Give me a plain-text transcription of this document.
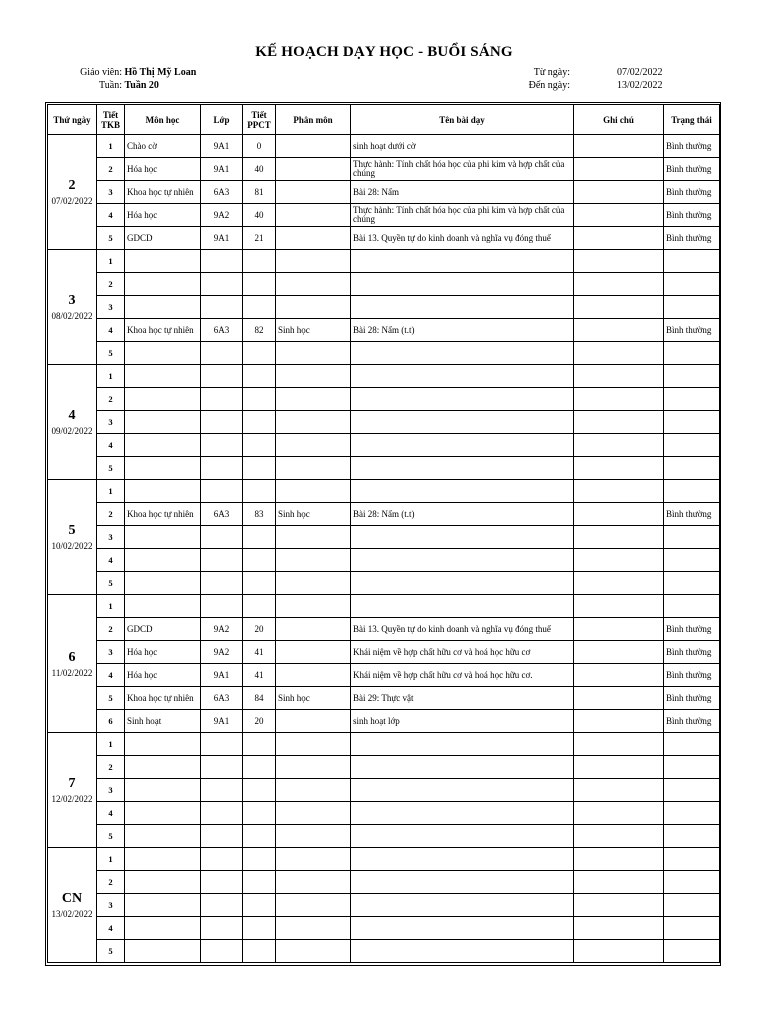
KẾ HOẠCH DẠY HỌC - BUỔI SÁNG
Giáo viên: Hồ Thị Mỹ Loan
Tuần: Tuần 20
Từ ngày:	07/02/2022
Đến ngày:	13/02/2022
Thứ ngày	Tiết TKB	Môn học	Lớp	Tiết PPCT	Phân môn	Tên bài dạy	Ghi chú	Trạng thái

2
07/02/2022	1	Chào cờ	9A1	0		sinh hoạt dưới cờ		Bình thường
	2	Hóa học	9A1	40		Thực hành: Tính chất hóa học của phi kim và hợp chất của chúng		Bình thường
	3	Khoa học tự nhiên	6A3	81		Bài 28: Nấm		Bình thường
	4	Hóa học	9A2	40		Thực hành: Tính chất hóa học của phi kim và hợp chất của chúng		Bình thường
	5	GDCD	9A1	21		Bài 13. Quyền tự do kinh doanh và nghĩa vụ đóng thuế		Bình thường

3
08/02/2022	1					

	2					

	3					

	4	Khoa học tự nhiên	6A3	82	Sinh học	Bài 28: Nấm (t.t)		Bình thường
	5					

4
09/02/2022	1					

	2					

	3					

	4					

	5					

5
10/02/2022	1					

	2	Khoa học tự nhiên	6A3	83	Sinh học	Bài 28: Nấm (t.t)		Bình thường
	3					

	4					

	5					

6
11/02/2022	1					

	2	GDCD	9A2	20		Bài 13. Quyền tự do kinh doanh và nghĩa vụ đóng thuế		Bình thường
	3	Hóa học	9A2	41		Khái niệm về hợp chất hữu cơ và hoá học hữu cơ		Bình thường
	4	Hóa học	9A1	41		Khái niệm về hợp chất hữu cơ và hoá học hữu cơ.		Bình thường
	5	Khoa học tự nhiên	6A3	84	Sinh học	Bài 29: Thực vật		Bình thường
	6	Sinh hoạt	9A1	20		sinh hoạt lớp		Bình thường

7
12/02/2022	1					

	2					

	3					

	4					

	5					

CN
13/02/2022	1					

	2					

	3					

	4					

	5					
